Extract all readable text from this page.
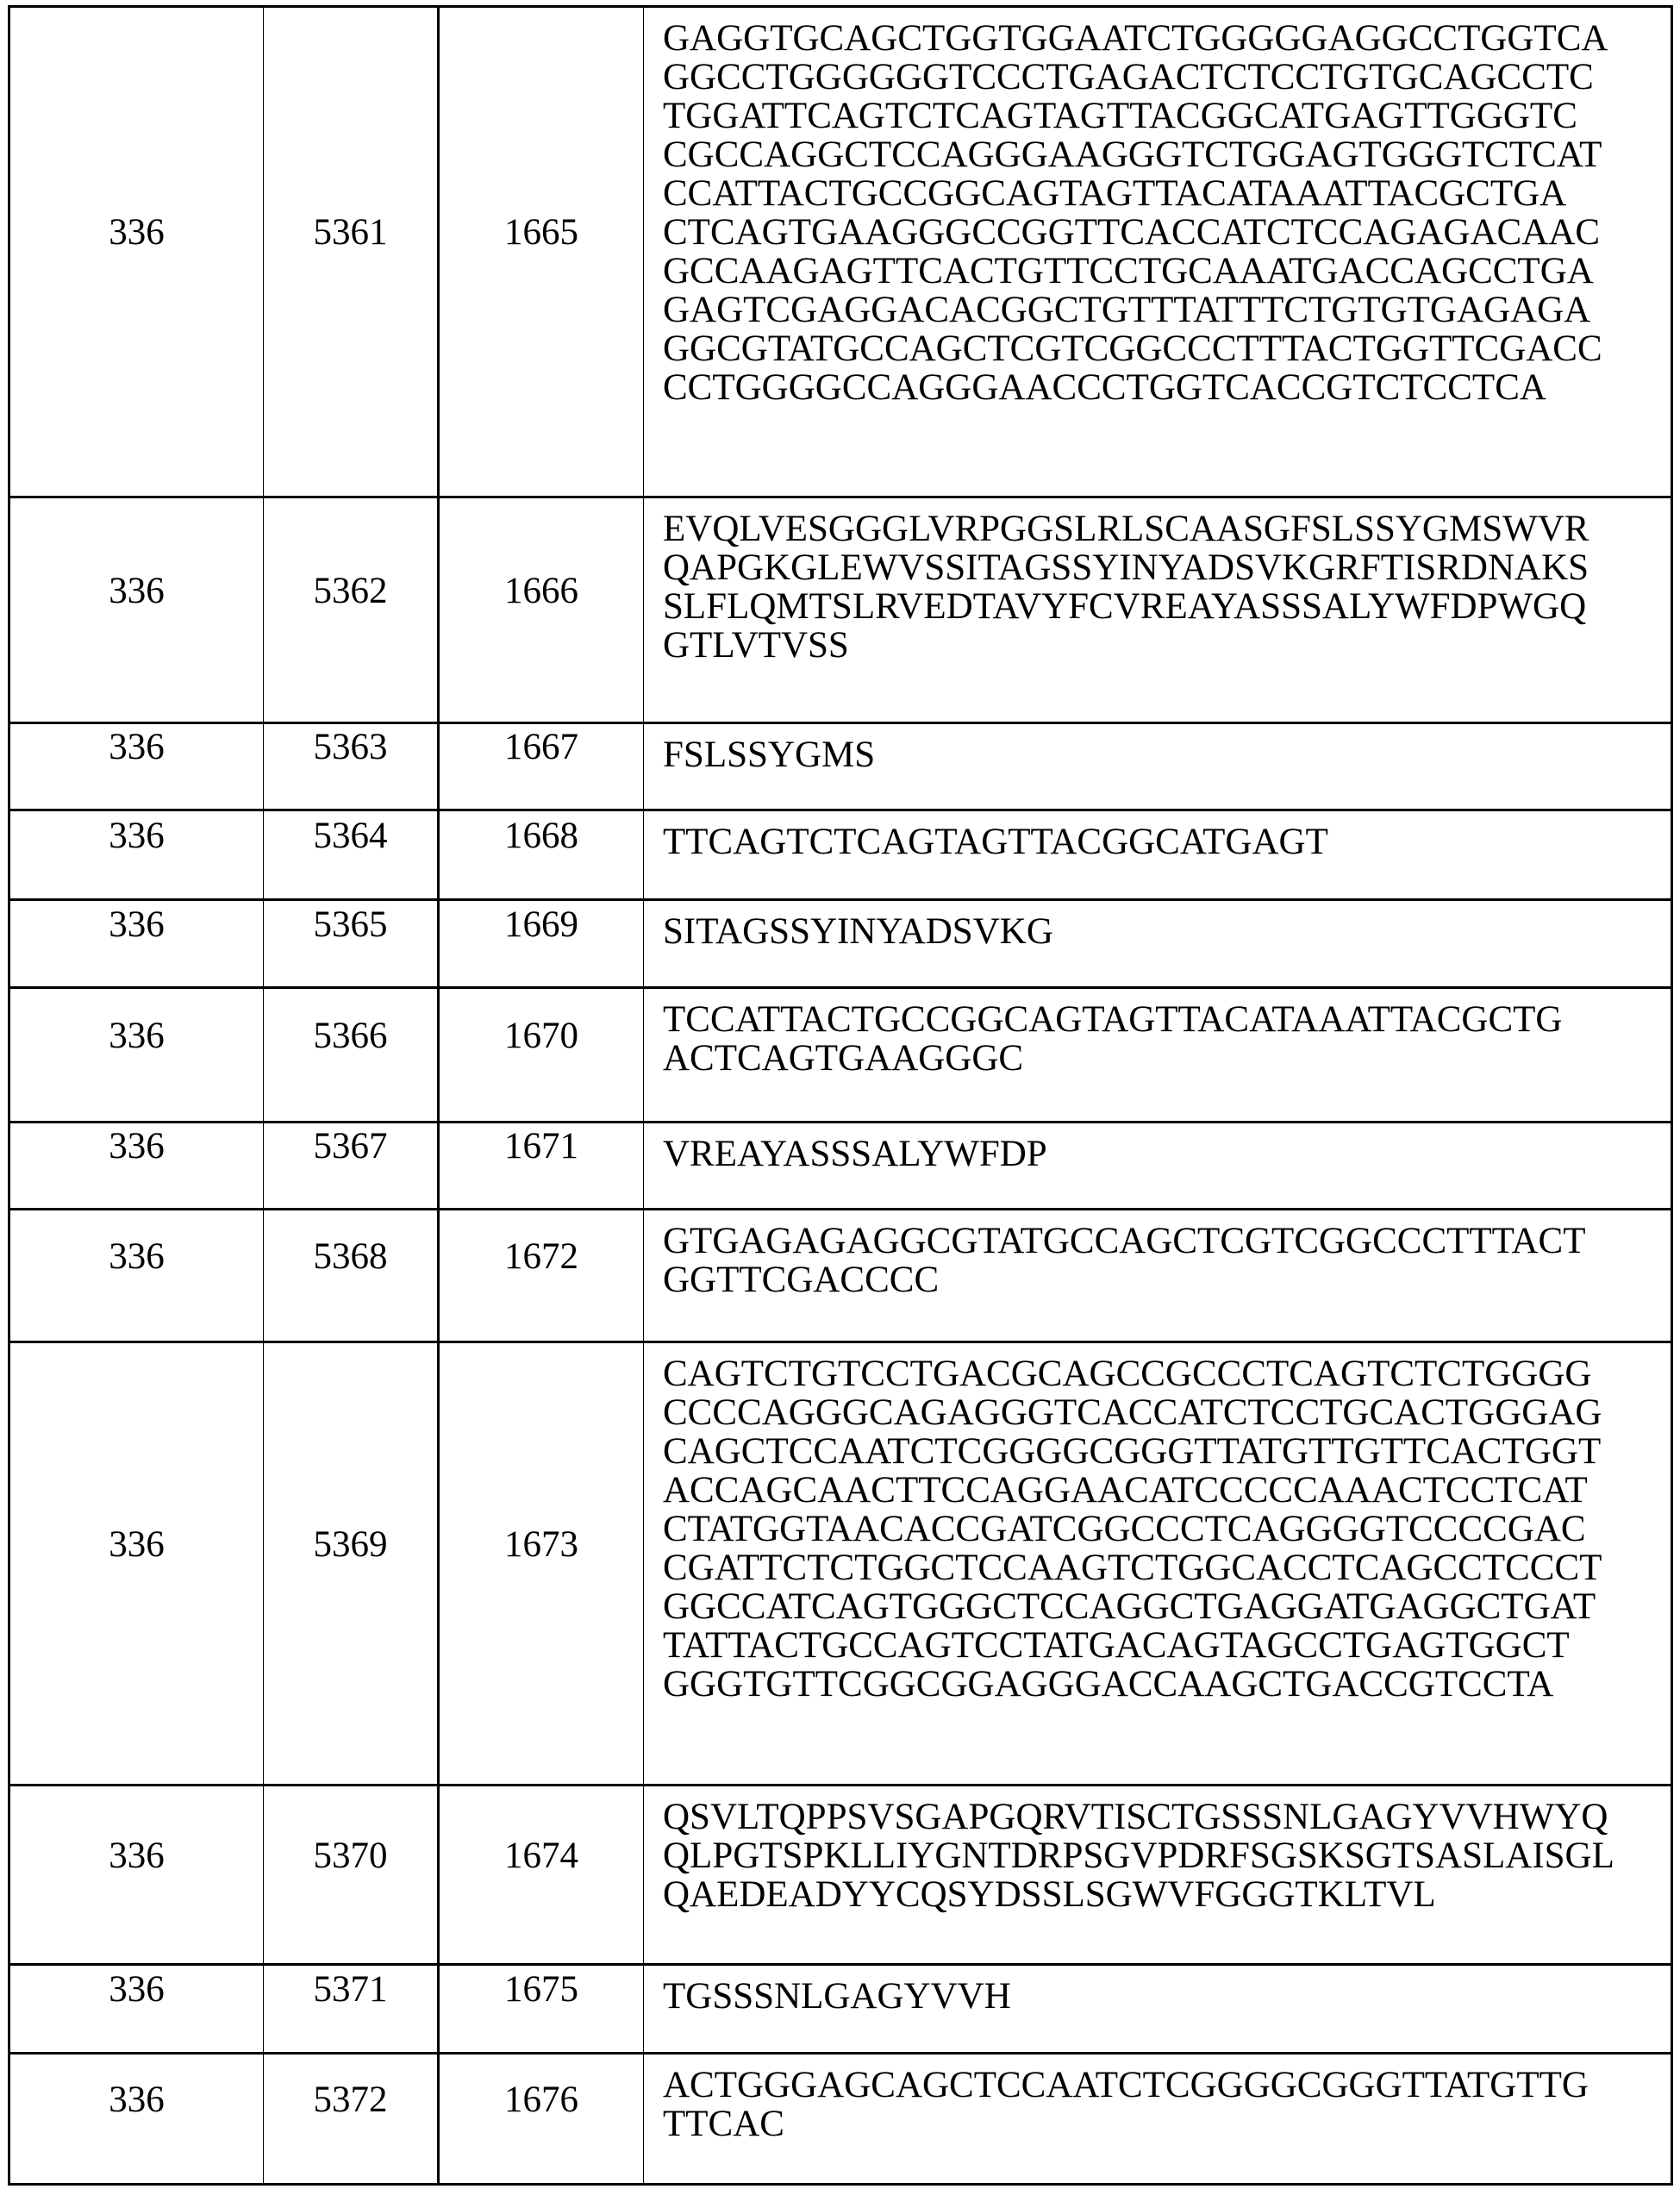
336	5361	1665	
GAGGTGCAGCTGGTGGAATCTGGGGGAGGCCTGGTCA
GGCCTGGGGGGTCCCTGAGACTCTCCTGTGCAGCCTC
TGGATTCAGTCTCAGTAGTTACGGCATGAGTTGGGTC
CGCCAGGCTCCAGGGAAGGGTCTGGAGTGGGTCTCAT
CCATTACTGCCGGCAGTAGTTACATAAATTACGCTGA
CTCAGTGAAGGGCCGGTTCACCATCTCCAGAGACAAC
GCCAAGAGTTCACTGTTCCTGCAAATGACCAGCCTGA
GAGTCGAGGACACGGCTGTTTATTTCTGTGTGAGAGA
GGCGTATGCCAGCTCGTCGGCCCTTTACTGGTTCGACC
CCTGGGGCCAGGGAACCCTGGTCACCGTCTCCTCA

336	5362	1666	EVQLVESGGGLVRPGGSLRLSCAASGFSLSSYGMSWVR
QAPGKGLEWVSSITAGSSYINYADSVKGRFTISRDNAKS
SLFLQMTSLRVEDTAVYFCVREAYASSSALYWFDPWGQ
GTLVTVSS

336	5363	1667	FSLSSYGMS

336	5364	1668	TTCAGTCTCAGTAGTTACGGCATGAGT

336	5365	1669	SITAGSSYINYADSVKG

336	5366	1670	TCCATTACTGCCGGCAGTAGTTACATAAATTACGCTG
ACTCAGTGAAGGGC

336	5367	1671	VREAYASSSALYWFDP

336	5368	1672	GTGAGAGAGGCGTATGCCAGCTCGTCGGCCCTTTACT
GGTTCGACCCC

336	5369	1673	
CAGTCTGTCCTGACGCAGCCGCCCTCAGTCTCTGGGG
CCCCAGGGCAGAGGGTCACCATCTCCTGCACTGGGAG
CAGCTCCAATCTCGGGGCGGGTTATGTTGTTCACTGGT
ACCAGCAACTTCCAGGAACATCCCCCAAACTCCTCAT
CTATGGTAACACCGATCGGCCCTCAGGGGTCCCCGAC
CGATTCTCTGGCTCCAAGTCTGGCACCTCAGCCTCCCT
GGCCATCAGTGGGCTCCAGGCTGAGGATGAGGCTGAT
TATTACTGCCAGTCCTATGACAGTAGCCTGAGTGGCT
GGGTGTTCGGCGGAGGGACCAAGCTGACCGTCCTA

336	5370	1674	QSVLTQPPSVSGAPGQRVTISCTGSSSNLGAGYVVHWYQ
QLPGTSPKLLIYGNTDRPSGVPDRFSGSKSGTSASLAISGL
QAEDEADYYCQSYDSSLSGWVFGGGTKLTVL

336	5371	1675	TGSSSNLGAGYVVH

336	5372	1676	ACTGGGAGCAGCTCCAATCTCGGGGCGGGTTATGTTG
TTCAC
